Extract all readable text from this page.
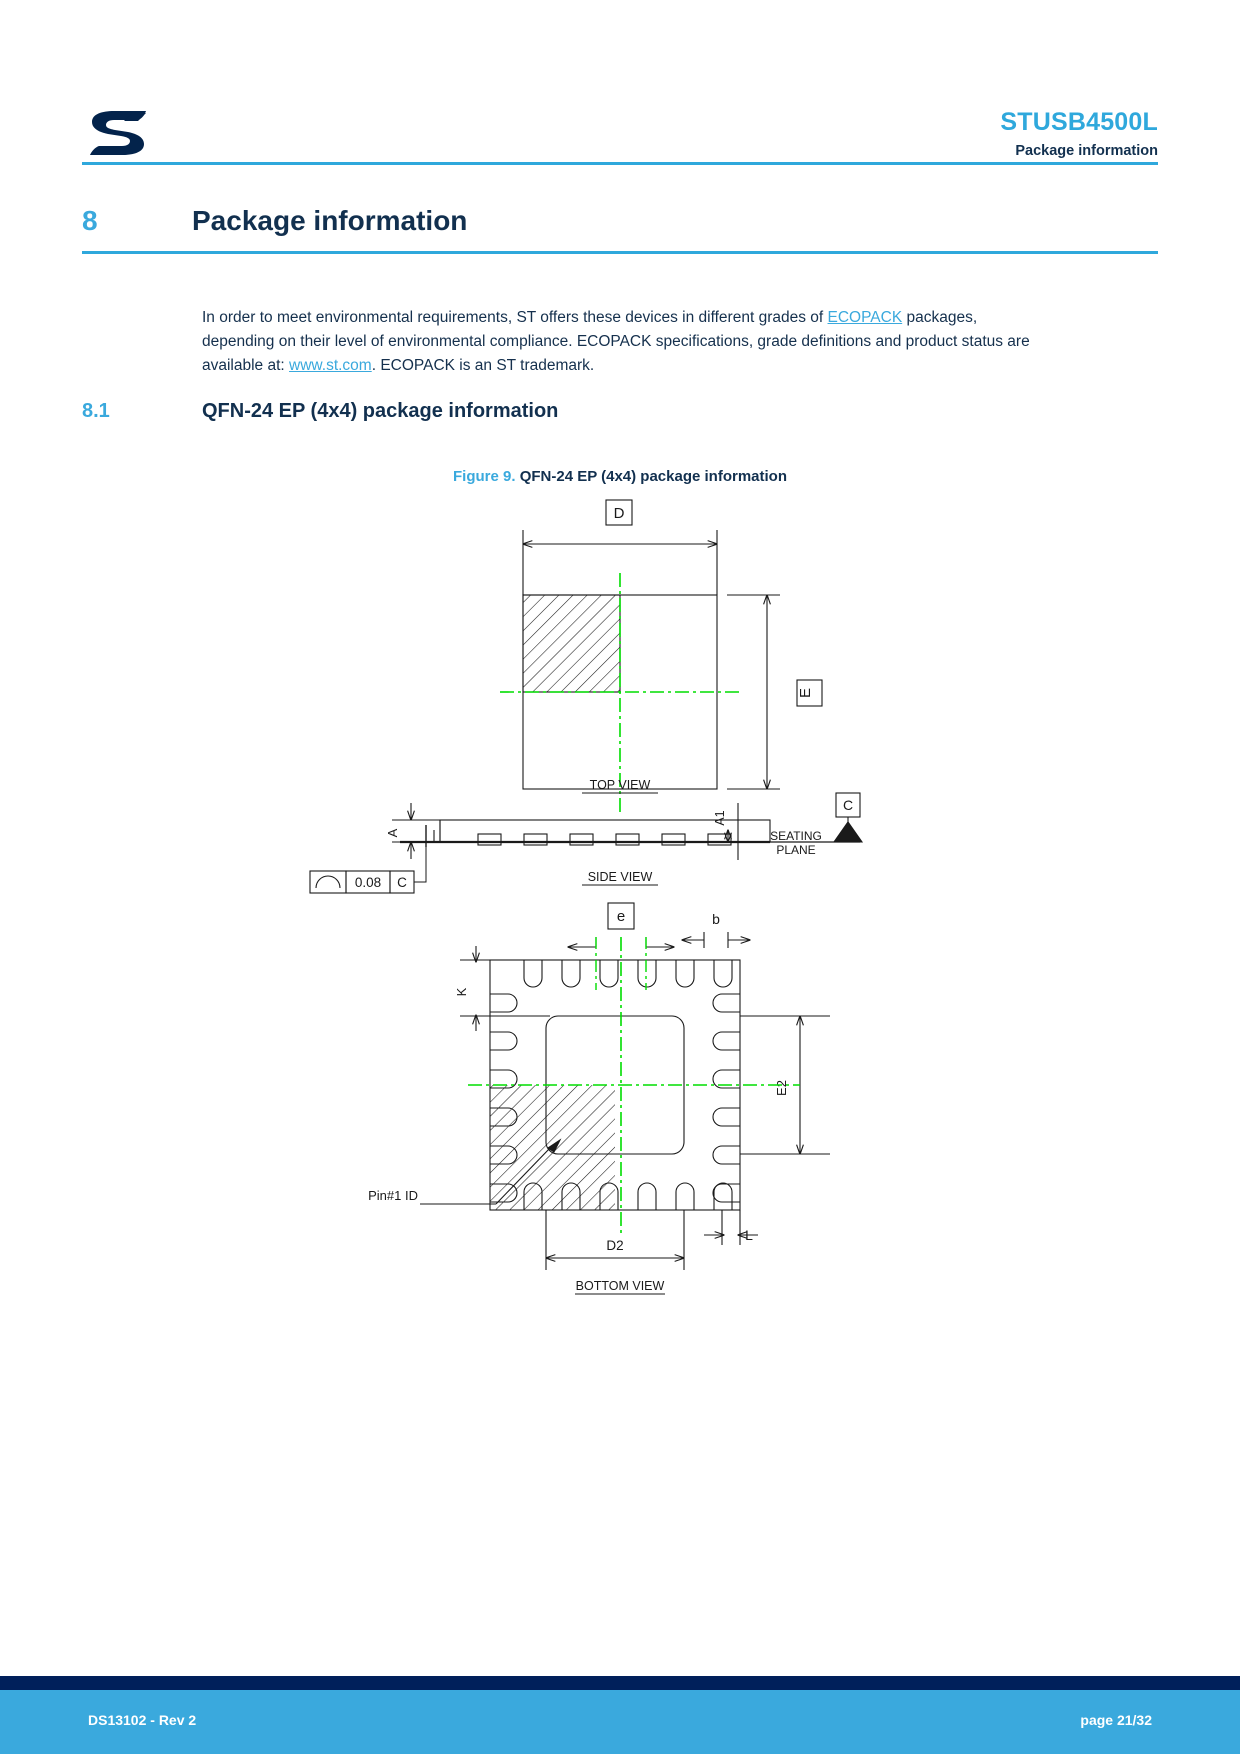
STUSB4500L
Package information
8	Package information

In order to meet environmental requirements, ST offers these devices in different grades of ECOPACK packages, depending on their level of environmental compliance. ECOPACK specifications, grade definitions and product status are available at: www.st.com. ECOPACK is an ST trademark.

8.1	QFN-24 EP (4x4) package information
Figure 9. QFN-24 EP (4x4) package information
D
E
TOP VIEW
A
A1
0.08 C
SEATING
PLANE
C
SIDE VIEW
e	b
K
E2
D2
L
Pin#1 ID
BOTTOM VIEW
DS13102 - Rev 2	page 21/32
